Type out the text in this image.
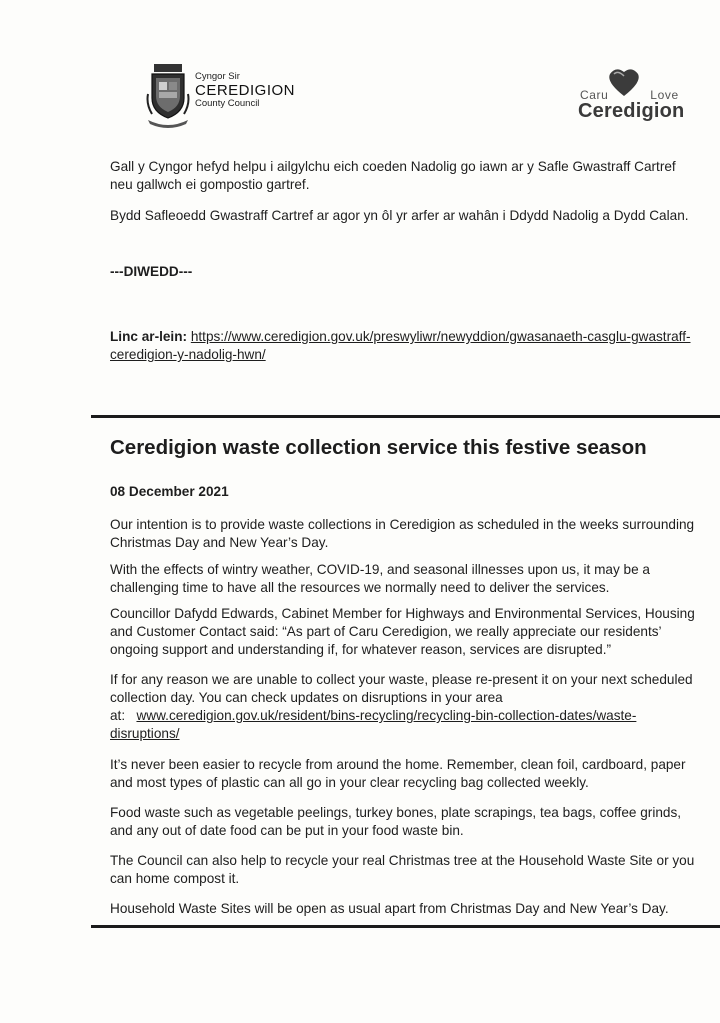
Cyngor Sir
CEREDIGION
County Council
Caru	Love
Ceredigion

Gall y Cyngor hefyd helpu i ailgylchu eich coeden Nadolig go iawn ar y Safle Gwastraff Cartref

neu gallwch ei gompostio gartref.

Bydd Safleoedd Gwastraff Cartref ar agor yn ôl yr arfer ar wahân i Ddydd Nadolig a Dydd Calan.

---DIWEDD---

Linc ar-lein: https://www.ceredigion.gov.uk/preswyliwr/newyddion/gwasanaeth-casglu-gwastraff-

ceredigion-y-nadolig-hwn/

Ceredigion waste collection service this festive season
08 December 2021

Our intention is to provide waste collections in Ceredigion as scheduled in the weeks surrounding

Christmas Day and New Year’s Day.

With the effects of wintry weather, COVID-19, and seasonal illnesses upon us, it may be a

challenging time to have all the resources we normally need to deliver the services.

Councillor Dafydd Edwards, Cabinet Member for Highways and Environmental Services, Housing

and Customer Contact said: “As part of Caru Ceredigion, we really appreciate our residents’

ongoing support and understanding if, for whatever reason, services are disrupted.”

If for any reason we are unable to collect your waste, please re-present it on your next scheduled

collection day. You can check updates on disruptions in your area

at: www.ceredigion.gov.uk/resident/bins-recycling/recycling-bin-collection-dates/waste-

disruptions/

It’s never been easier to recycle from around the home. Remember, clean foil, cardboard, paper

and most types of plastic can all go in your clear recycling bag collected weekly.

Food waste such as vegetable peelings, turkey bones, plate scrapings, tea bags, coffee grinds,

and any out of date food can be put in your food waste bin.

The Council can also help to recycle your real Christmas tree at the Household Waste Site or you

can home compost it.

Household Waste Sites will be open as usual apart from Christmas Day and New Year’s Day.
